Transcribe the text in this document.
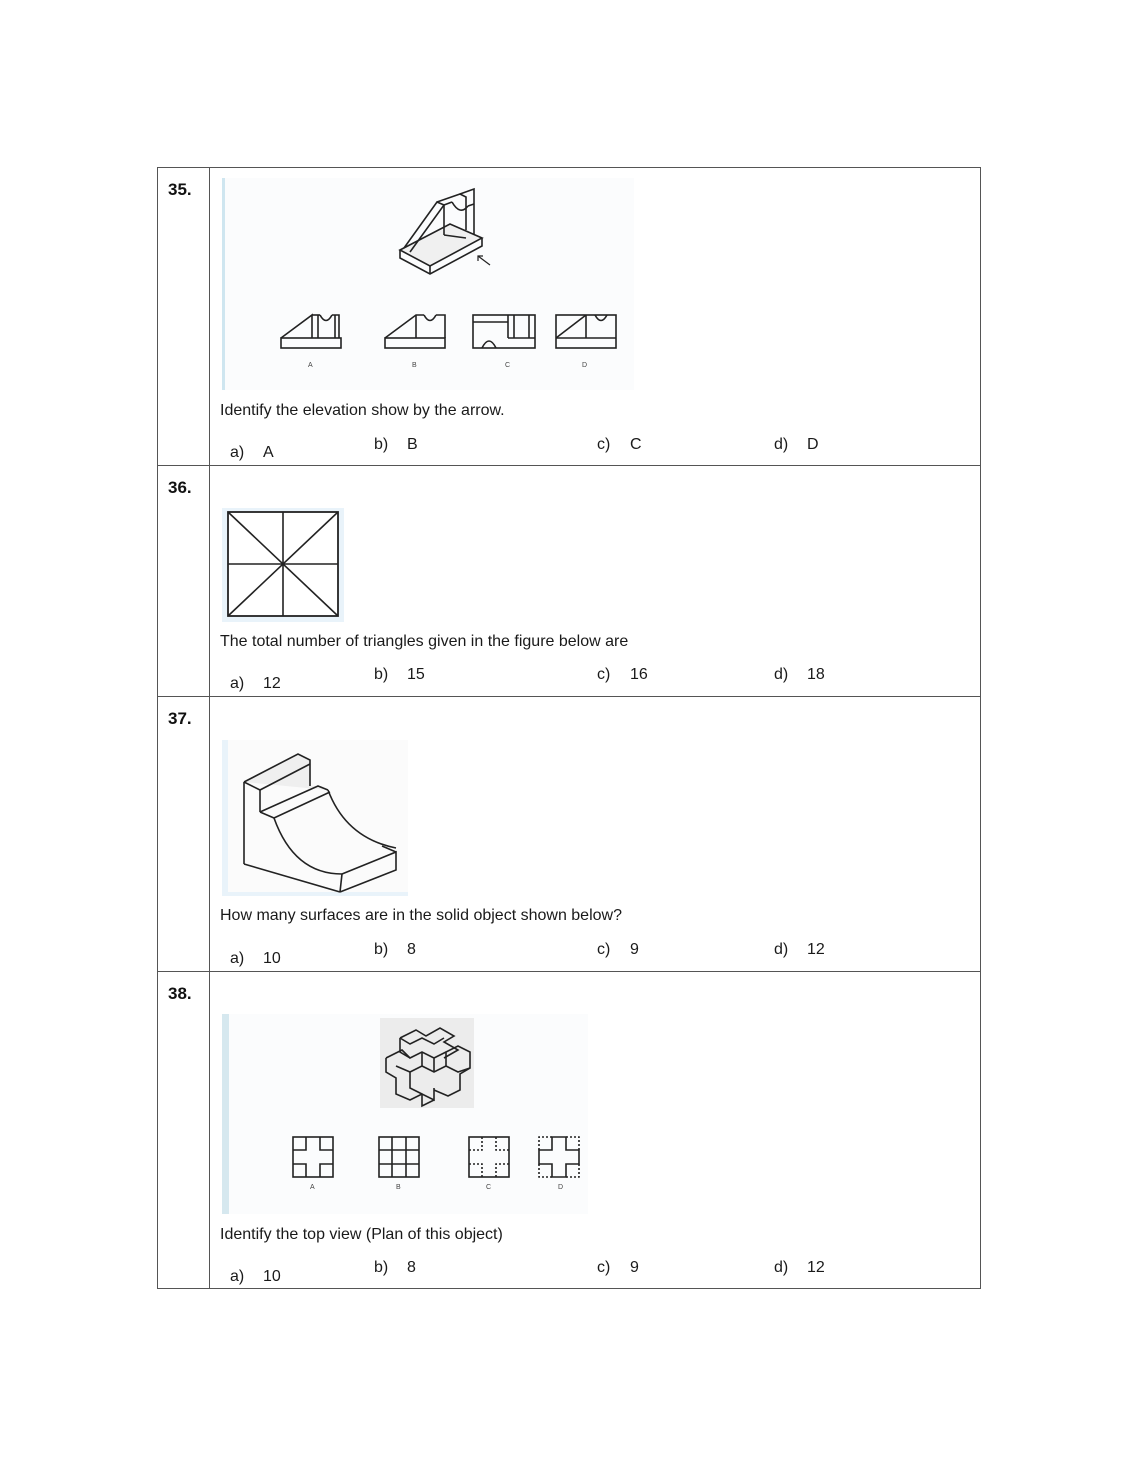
35.
A	B	C	D
Identify the elevation show by the arrow.
a) A	b) B	c) C	d) D
36.
The total number of triangles given in the figure below are
a) 12
b) 15	c) 16	d) 18
37.
How many surfaces are in the solid object shown below?
a) 10
b) 8	c) 9	d) 12
38.
A	B	C	D
Identify the top view (Plan of this object)
a) 10
b) 8	c) 9	d) 12
